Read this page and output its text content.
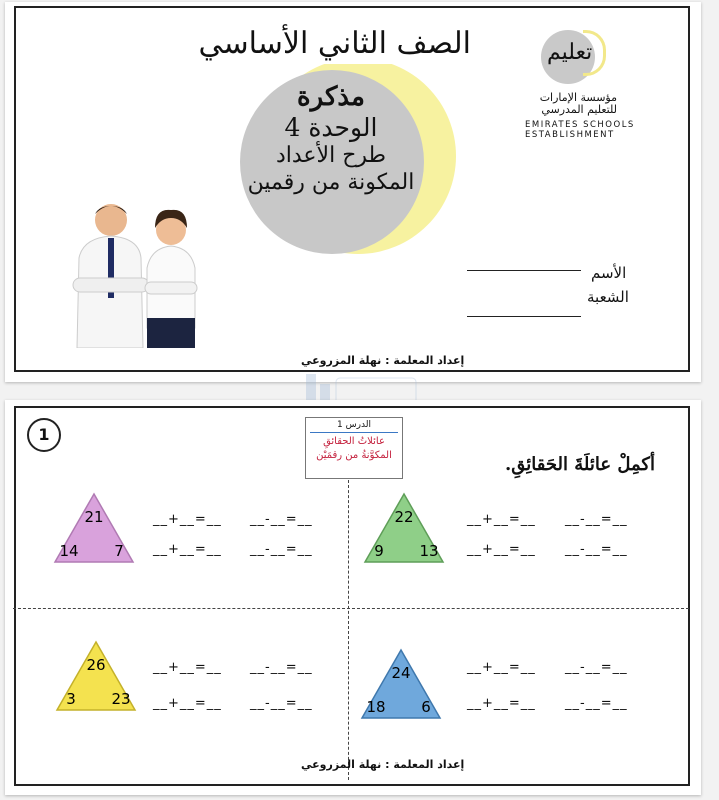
الصف الثاني الأساسي	تعليم
مؤسسة الإمارات
للتعليم المدرسي
EMIRATES SCHOOLS
ESTABLISHMENT
مذكرة
الوحدة 4
طرح الأعداد
المكونة من رقمين
الأسم
الشعبة
إعداد المعلمة : نهلة المزروعي
1	الدرس 1
عائلاتُ الحقائقِ
المكوَّنةُ من رقمَيْن	أكمِلْ عائلَةَ الحَقائِقِ.
21
14 7
22
9 13
26
3 23
24
18 6
__+__=__ __-__=__
__+__=__ __-__=__
__+__=__ __-__=__
__+__=__ __-__=__
__+__=__ __-__=__
__+__=__ __-__=__
__+__=__ __-__=__
__+__=__ __-__=__
إعداد المعلمة : نهلة المزروعي
